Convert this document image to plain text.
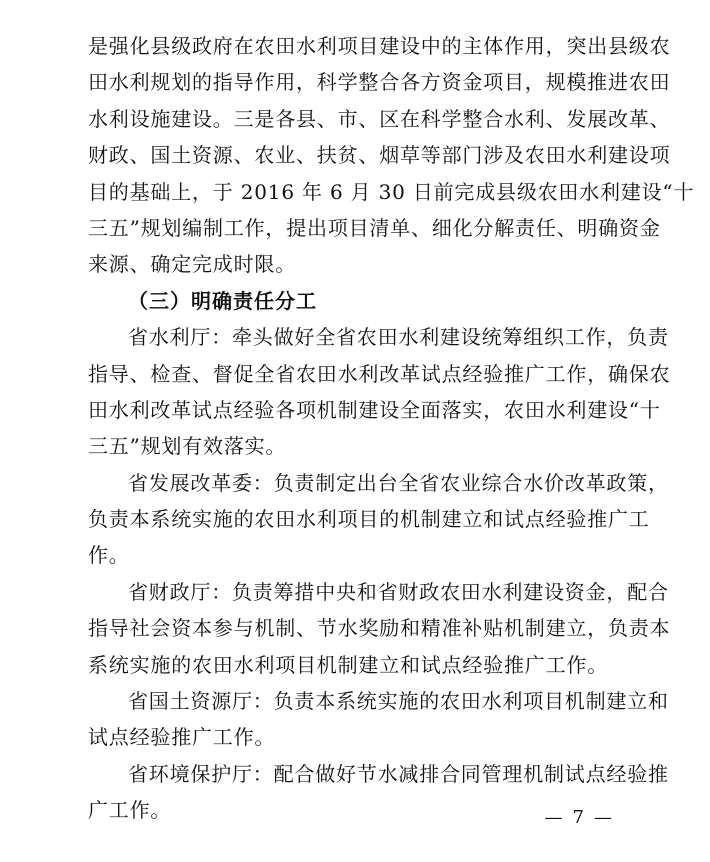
是强化县级政府在农田水利项目建设中的主体作用，突出县级农
田水利规划的指导作用，科学整合各方资金项目，规模推进农田
水利设施建设。三是各县、市、区在科学整合水利、发展改革、
财政、国土资源、农业、扶贫、烟草等部门涉及农田水利建设项
目的基础上，于 2016 年 6 月 30 日前完成县级农田水利建设“十
三五”规划编制工作，提出项目清单、细化分解责任、明确资金
来源、确定完成时限。
（三）明确责任分工
省水利厅：牵头做好全省农田水利建设统筹组织工作，负责
指导、检查、督促全省农田水利改革试点经验推广工作，确保农
田水利改革试点经验各项机制建设全面落实，农田水利建设“十
三五”规划有效落实。
省发展改革委：负责制定出台全省农业综合水价改革政策，
负责本系统实施的农田水利项目的机制建立和试点经验推广工
作。
省财政厅：负责筹措中央和省财政农田水利建设资金，配合
指导社会资本参与机制、节水奖励和精准补贴机制建立，负责本
系统实施的农田水利项目机制建立和试点经验推广工作。
省国土资源厅：负责本系统实施的农田水利项目机制建立和
试点经验推广工作。
省环境保护厅：配合做好节水减排合同管理机制试点经验推
广工作。	— 7 —
